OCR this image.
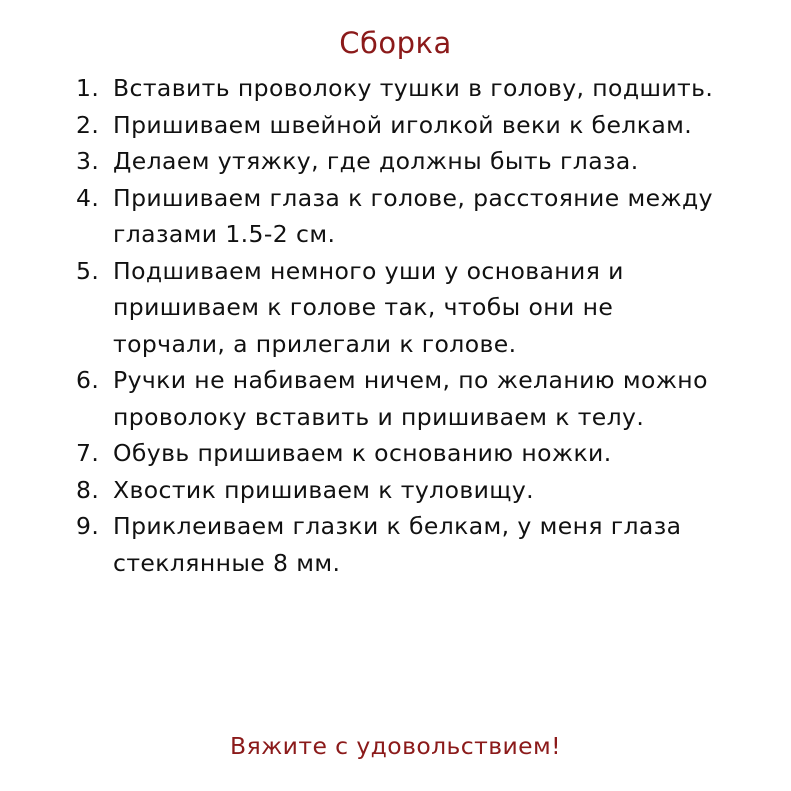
Сборка
1. Вставить проволоку тушки в голову, подшить.
2. Пришиваем швейной иголкой веки к белкам.
3. Делаем утяжку, где должны быть глаза.
4. Пришиваем глаза к голове, расстояние между глазами 1.5-2 см.
5. Подшиваем немного уши у основания и пришиваем к голове так, чтобы они не торчали, а прилегали к голове.
6. Ручки не набиваем ничем, по желанию можно проволоку вставить и пришиваем к телу.
7. Обувь пришиваем к основанию ножки.
8. Хвостик пришиваем к туловищу.
9. Приклеиваем глазки к белкам, у меня глаза стеклянные 8 мм.
Вяжите с удовольствием!
